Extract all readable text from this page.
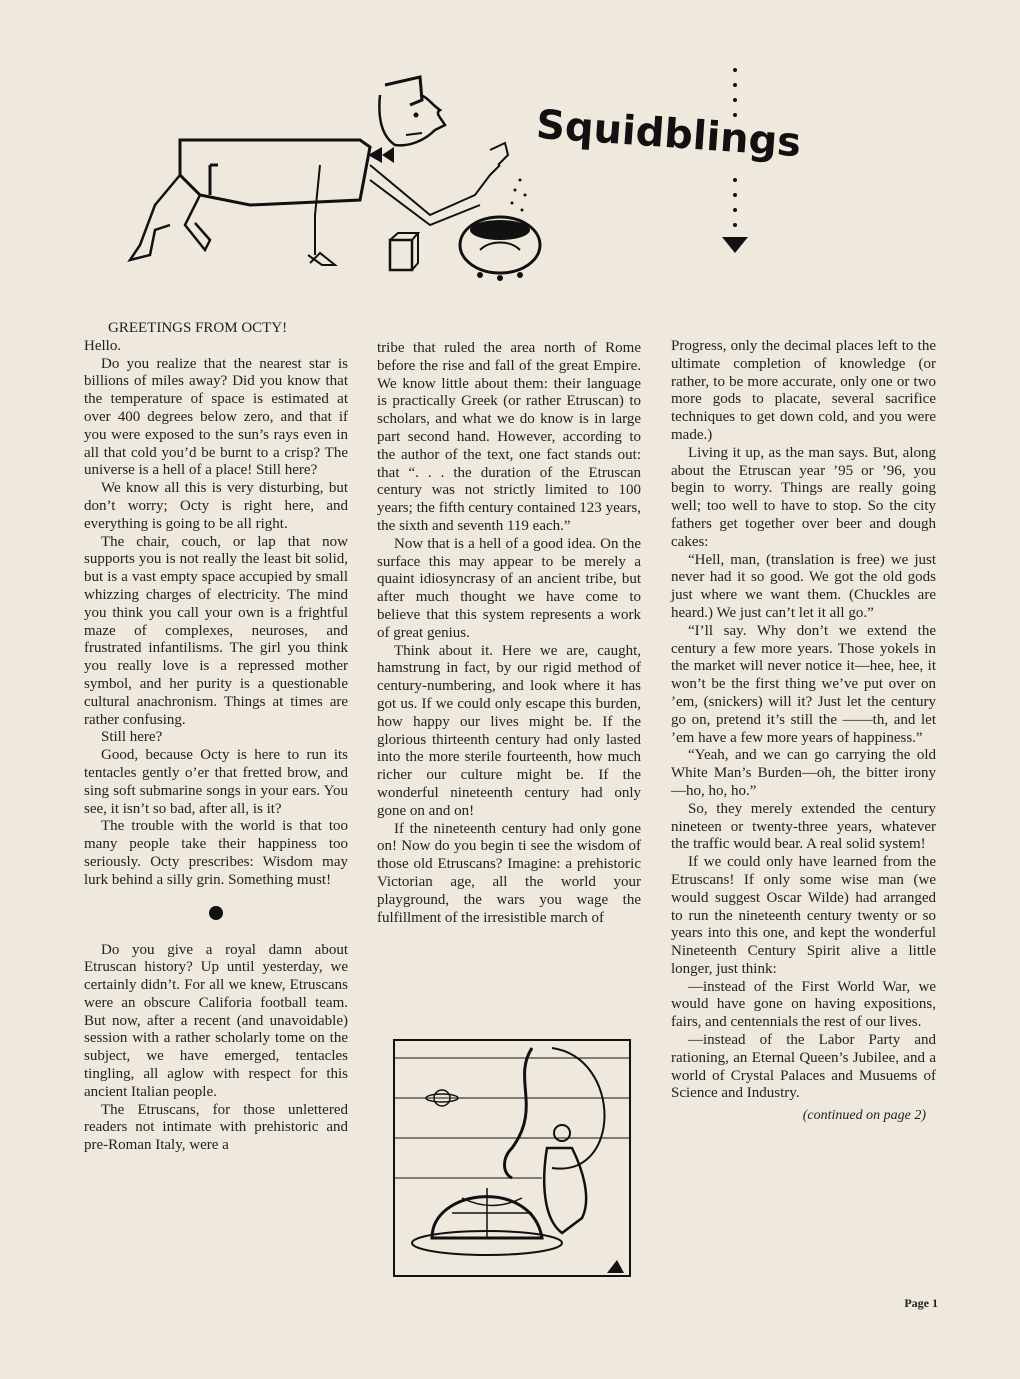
Squidblings

GREETINGS FROM OCTY!

Hello.

Do you realize that the nearest star is billions of miles away? Did you know that the temperature of space is estimated at over 400 degrees below zero, and that if you were exposed to the sun’s rays even in all that cold you’d be burnt to a crisp? The universe is a hell of a place! Still here?

We know all this is very disturbing, but don’t worry; Octy is right here, and everything is going to be all right.

The chair, couch, or lap that now supports you is not really the least bit solid, but is a vast empty space accupied by small whizzing charges of electricity. The mind you think you call your own is a frightful maze of complexes, neuroses, and frustrated infantilisms. The girl you think you really love is a repressed mother symbol, and her purity is a questionable cultural anachronism. Things at times are rather confusing.

Still here?

Good, because Octy is here to run its tentacles gently o’er that fretted brow, and sing soft submarine songs in your ears. You see, it isn’t so bad, after all, is it?

The trouble with the world is that too many people take their happiness too seriously. Octy prescribes: Wisdom may lurk behind a silly grin. Something must!

Do you give a royal damn about Etruscan history? Up until yesterday, we certainly didn’t. For all we knew, Etruscans were an obscure Califoria football team. But now, after a recent (and unavoidable) session with a rather scholarly tome on the subject, we have emerged, tentacles tingling, all aglow with respect for this ancient Italian people.

The Etruscans, for those unlettered readers not intimate with prehistoric and pre-Roman Italy, were a

tribe that ruled the area north of Rome before the rise and fall of the great Empire. We know little about them: their language is practically Greek (or rather Etruscan) to scholars, and what we do know is in large part second hand. However, according to the author of the text, one fact stands out: that “. . . the duration of the Etruscan century was not strictly limited to 100 years; the fifth century contained 123 years, the sixth and seventh 119 each.”

Now that is a hell of a good idea. On the surface this may appear to be merely a quaint idiosyncrasy of an ancient tribe, but after much thought we have come to believe that this system represents a work of great genius.

Think about it. Here we are, caught, hamstrung in fact, by our rigid method of century-numbering, and look where it has got us. If we could only escape this burden, how happy our lives might be. If the glorious thirteenth century had only lasted into the more sterile fourteenth, how much richer our culture might be. If the wonderful nineteenth century had only gone on and on!

If the nineteenth century had only gone on! Now do you begin ti see the wisdom of those old Etruscans? Imagine: a prehistoric Victorian age, all the world your playground, the wars you wage the fulfillment of the irresistible march of

Progress, only the decimal places left to the ultimate completion of knowledge (or rather, to be more accurate, only one or two more gods to placate, several sacrifice techniques to get down cold, and you were made.)

Living it up, as the man says. But, along about the Etruscan year ’95 or ’96, you begin to worry. Things are really going well; too well to have to stop. So the city fathers get together over beer and dough cakes:

“Hell, man, (translation is free) we just never had it so good. We got the old gods just where we want them. (Chuckles are heard.) We just can’t let it all go.”

“I’ll say. Why don’t we extend the century a few more years. Those yokels in the market will never notice it—hee, hee, it won’t be the first thing we’ve put over on ’em, (snickers) will it? Just let the century go on, pretend it’s still the ——th, and let ’em have a few more years of happiness.”

“Yeah, and we can go carrying the old White Man’s Burden—oh, the bitter irony—ho, ho, ho.”

So, they merely extended the century nineteen or twenty-three years, whatever the traffic would bear. A real solid system!

If we could only have learned from the Etruscans! If only some wise man (we would suggest Oscar Wilde) had arranged to run the nineteenth century twenty or so years into this one, and kept the wonderful Nineteenth Century Spirit alive a little longer, just think:

—instead of the First World War, we would have gone on having expositions, fairs, and centennials the rest of our lives.

—instead of the Labor Party and rationing, an Eternal Queen’s Jubilee, and a world of Crystal Palaces and Musuems of Science and Industry.

(continued on page 2)
Page 1
